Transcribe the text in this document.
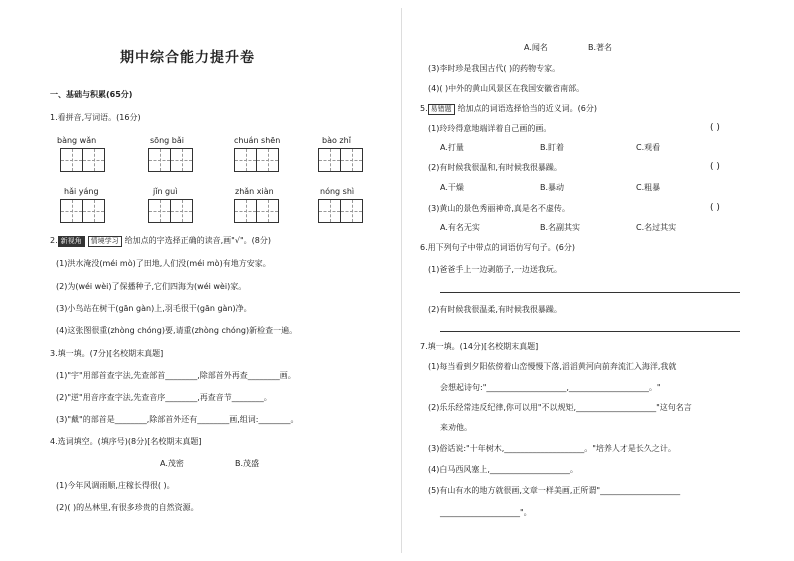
期中综合能力提升卷
一、基础与积累(65分)
1.看拼音,写词语。(16分)
bàng wǎn	sōng bǎi	chuán shēn	bào zhǐ
hǎi yáng	jǐn guì	zhǎn xiàn	nóng shì
2. 新视角 情境学习 给加点的字选择正确的读音,画"√"。(8分)
(1)洪水淹没(méi mò)了田地,人们没(méi mò)有地方安家。
(2)为(wéi wèi)了保播种子,它们四海为(wéi wèi)家。
(3)小鸟站在树干(gān gàn)上,羽毛很干(gān gàn)净。
(4)这张图很重(zhòng chóng)要,请重(zhòng chóng)新检查一遍。
3.填一填。(7分)[名校期末真题]
(1)"宇"用部首查字法,先查部首________,除部首外再查________画。
(2)"逆"用音序查字法,先查音序________,再查音节________。
(3)"戴"的部首是________,除部首外还有________画,组词:________。
4.选词填空。(填序号)(8分)[名校期末真题]
A.茂密	B.茂盛
(1)今年风调雨顺,庄稼长得很( )。
(2)( )的丛林里,有很多珍贵的自然资源。
A.闻名	B.著名
(3)李时珍是我国古代( )的药物专家。
(4)( )中外的黄山风景区在我国安徽省南部。
5. 易错题 给加点的词语选择恰当的近义词。(6分)
(1)玲玲得意地端详着自己画的画。	( )
A.打量	B.盯着	C.观看
(2)有时候我很温和,有时候我很暴躁。	( )
A.干燥	B.暴动	C.粗暴
(3)黄山的景色秀丽神奇,真是名不虚传。	( )
A.有名无实	B.名副其实	C.名过其实
6.用下列句子中带点的词语仿写句子。(6分)
(1)爸爸手上一边剥筋子,一边送我玩。
(2)有时候我很温柔,有时候我很暴躁。
7.填一填。(14分)[名校期末真题]
(1)每当看到夕阳依傍着山峦慢慢下落,滔滔黄河向前奔流汇入海洋,我就
会想起诗句:"____________________,____________________。"
(2)乐乐经常违反纪律,你可以用"不以规矩,____________________"这句名言
来劝他。
(3)俗话说:"十年树木,____________________。"培养人才是长久之计。
(4)白马西风塞上,____________________。
(5)有山有水的地方就很画,文章一样美画,正所谓"____________________
____________________"。
